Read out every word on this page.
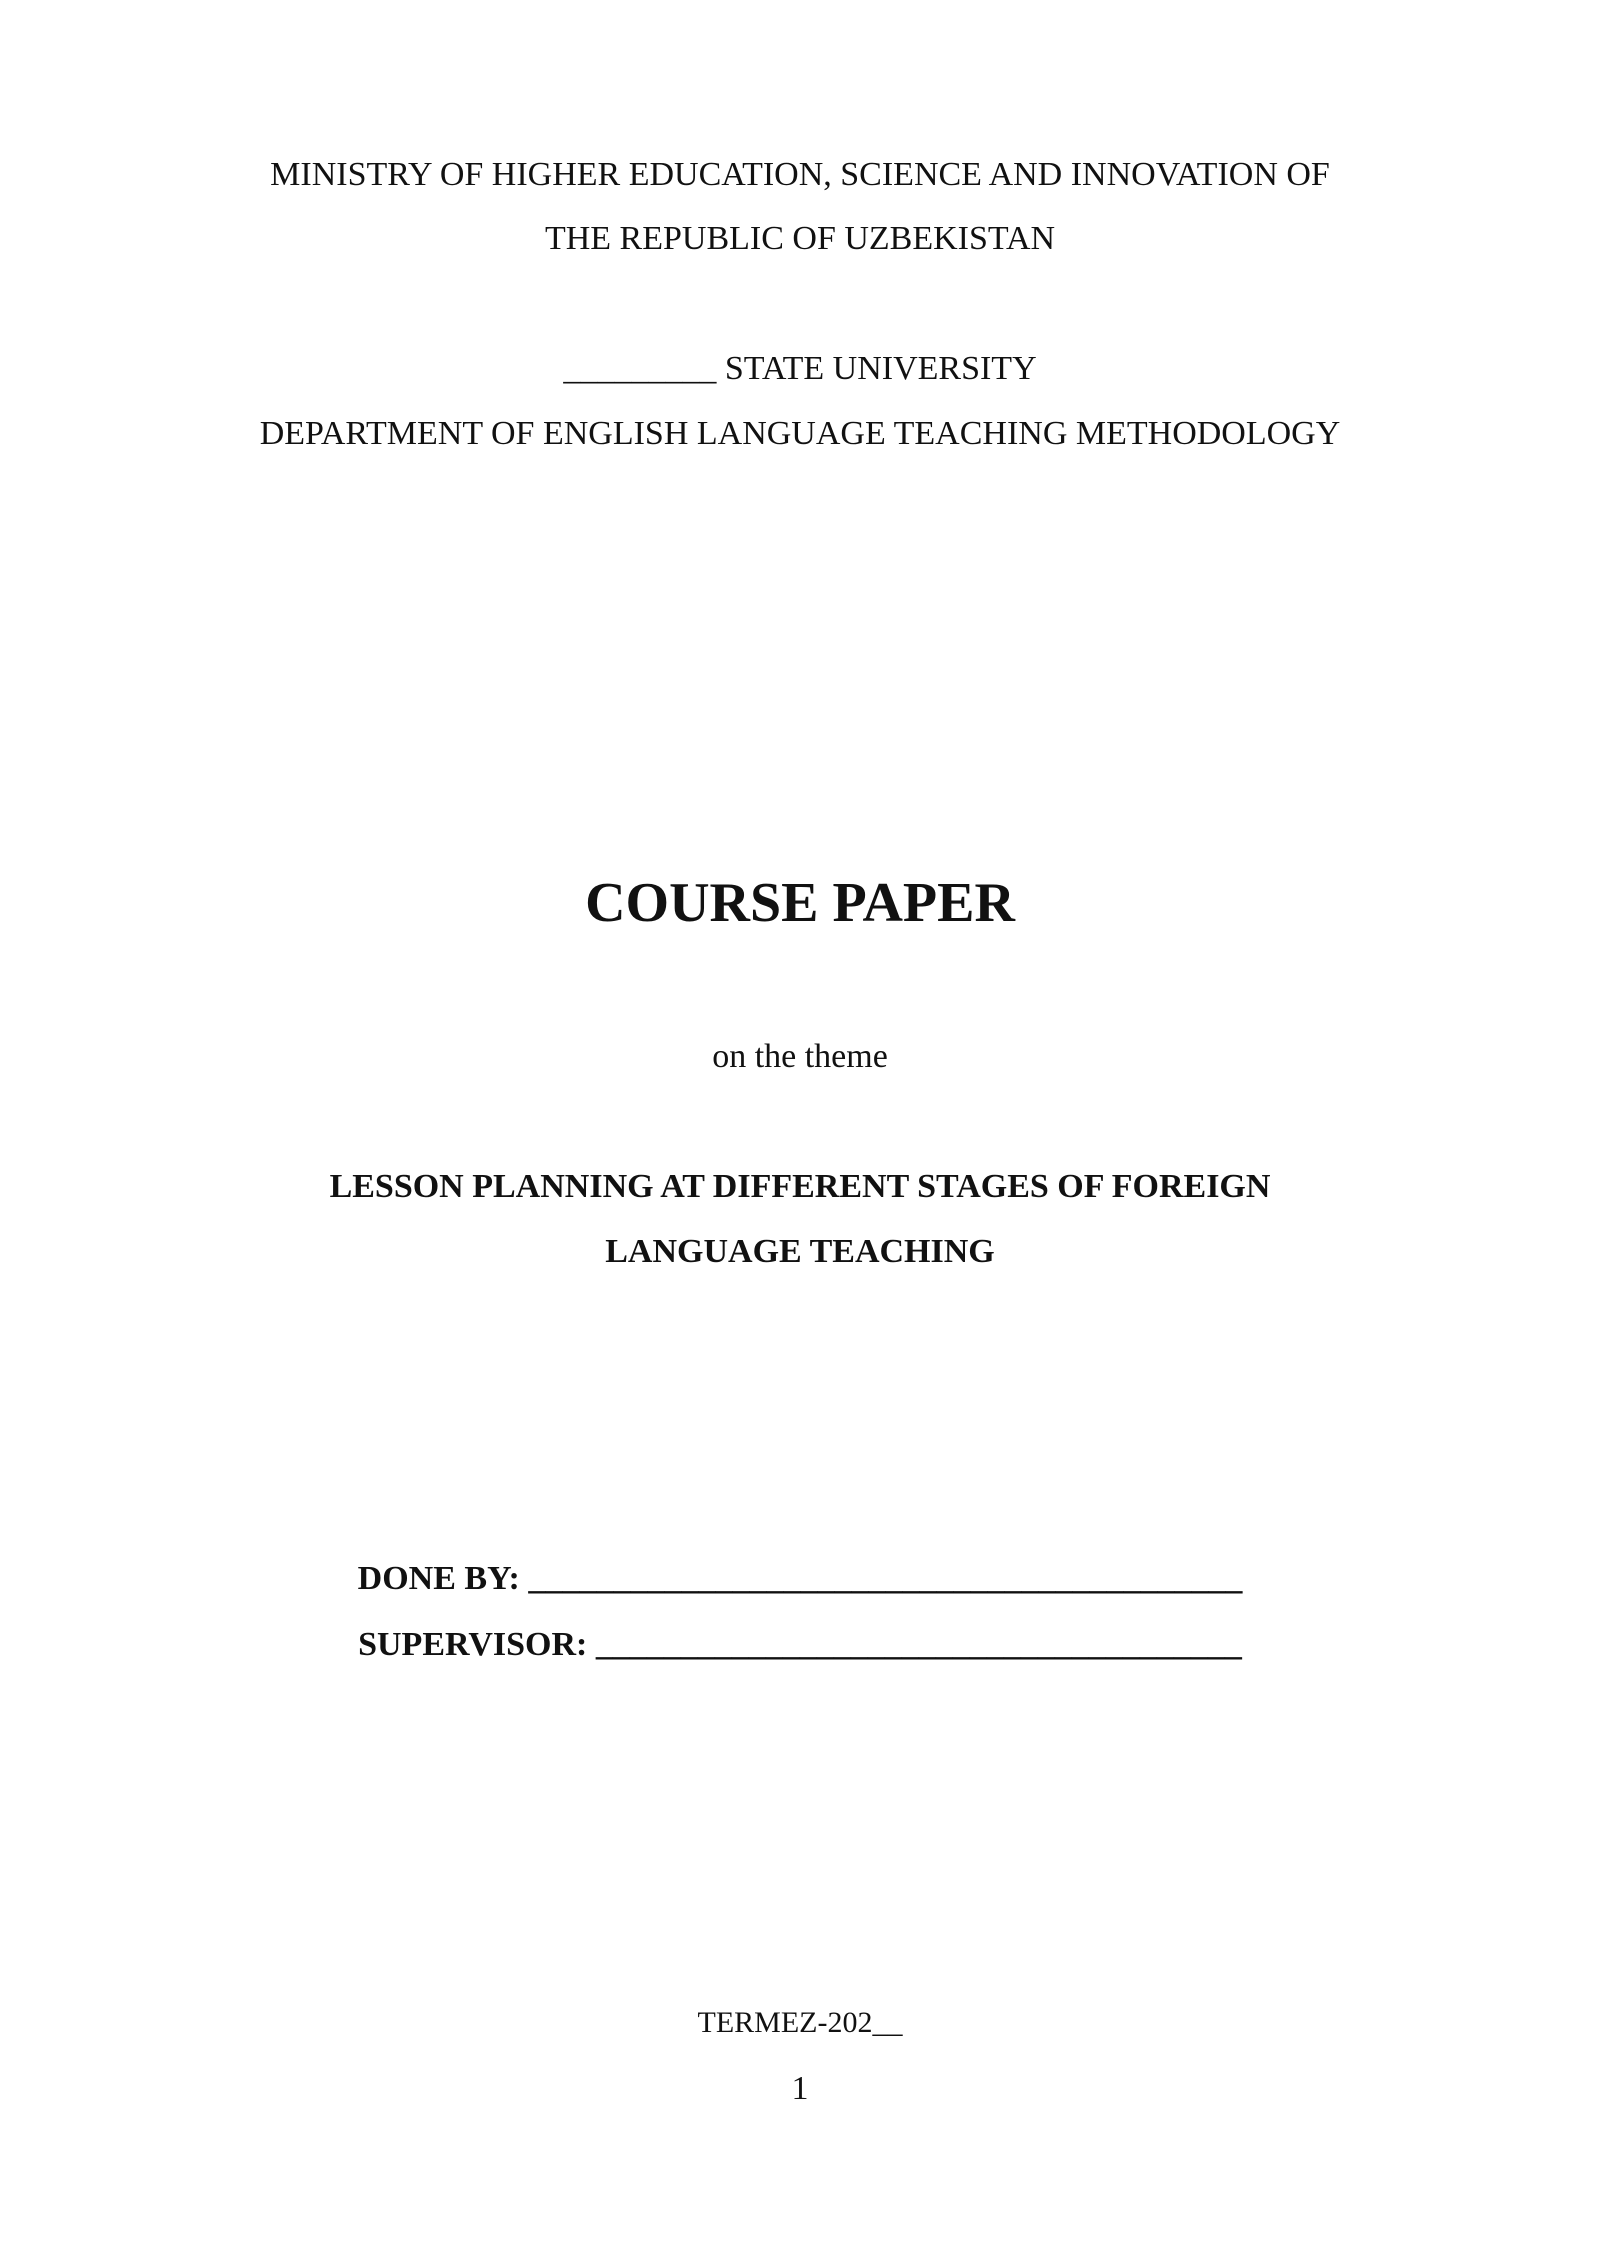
MINISTRY OF HIGHER EDUCATION, SCIENCE AND INNOVATION OF
THE REPUBLIC OF UZBEKISTAN
_________ STATE UNIVERSITY
DEPARTMENT OF ENGLISH LANGUAGE TEACHING METHODOLOGY
COURSE PAPER
on the theme
LESSON PLANNING AT DIFFERENT STAGES OF FOREIGN
LANGUAGE TEACHING
DONE BY: __________________________________________
SUPERVISOR: ______________________________________
TERMEZ-202__
1
